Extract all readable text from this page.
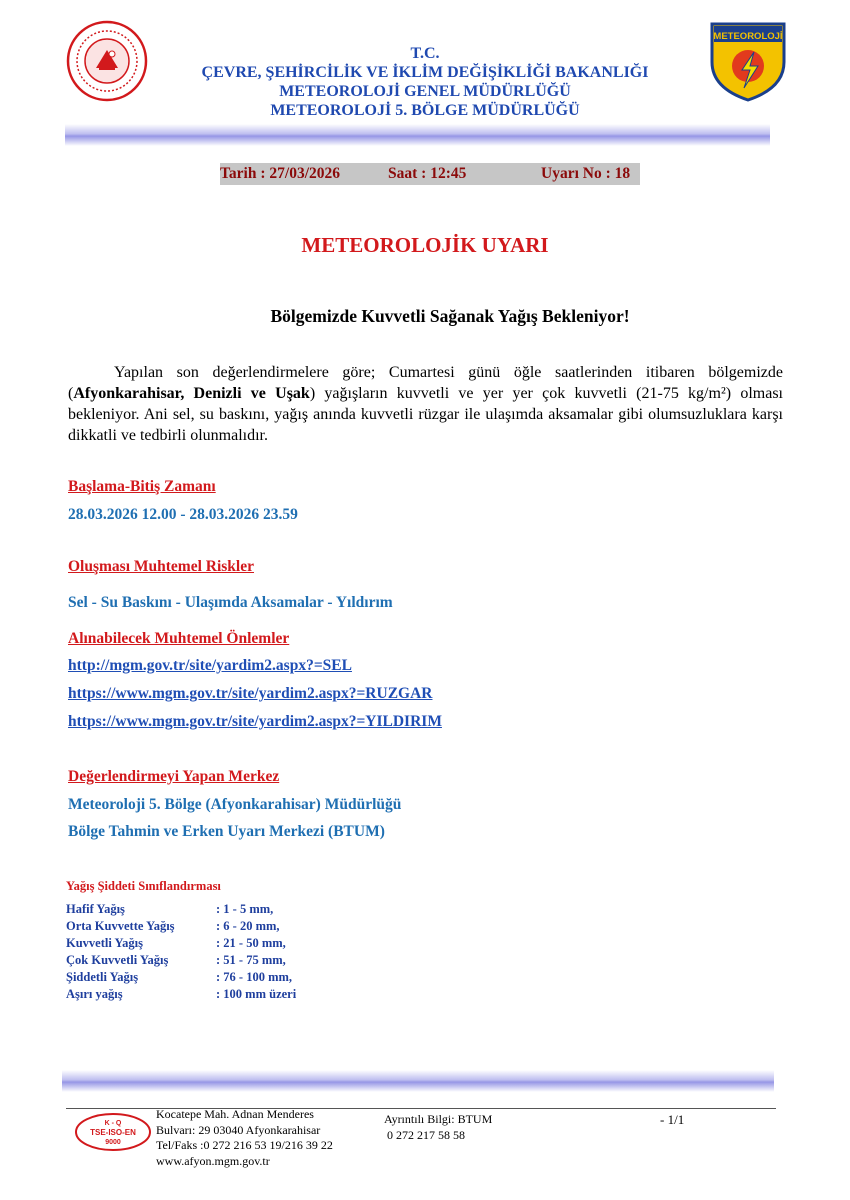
METEOROLOJİ
T.C.
ÇEVRE, ŞEHİRCİLİK VE İKLİM DEĞİŞİKLİĞİ BAKANLIĞI
METEOROLOJİ GENEL MÜDÜRLÜĞÜ
METEOROLOJİ 5. BÖLGE MÜDÜRLÜĞÜ
Tarih : 27/03/2026	Saat : 12:45	Uyarı No : 18
METEOROLOJİK UYARI
Bölgemizde Kuvvetli Sağanak Yağış Bekleniyor!
Yapılan son değerlendirmelere göre; Cumartesi günü öğle saatlerinden itibaren bölgemizde (Afyonkarahisar, Denizli ve Uşak) yağışların kuvvetli ve yer yer çok kuvvetli (21-75 kg/m²) olması bekleniyor. Ani sel, su baskını, yağış anında kuvvetli rüzgar ile ulaşımda aksamalar gibi olumsuzluklara karşı dikkatli ve tedbirli olunmalıdır.
Başlama-Bitiş Zamanı
28.03.2026 12.00 - 28.03.2026 23.59
Oluşması Muhtemel Riskler
Sel - Su Baskını - Ulaşımda Aksamalar - Yıldırım
Alınabilecek Muhtemel Önlemler
http://mgm.gov.tr/site/yardim2.aspx?=SEL
https://www.mgm.gov.tr/site/yardim2.aspx?=RUZGAR
https://www.mgm.gov.tr/site/yardim2.aspx?=YILDIRIM
Değerlendirmeyi Yapan Merkez
Meteoroloji 5. Bölge (Afyonkarahisar) Müdürlüğü
Bölge Tahmin ve Erken Uyarı Merkezi (BTUM)
Yağış Şiddeti Sınıflandırması
Hafif Yağış	: 1 - 5 mm,
Orta Kuvvette Yağış	: 6 - 20 mm,
Kuvvetli Yağış	: 21 - 50 mm,
Çok Kuvvetli Yağış	: 51 - 75 mm,
Şiddetli Yağış	: 76 - 100 mm,
Aşırı yağış	: 100 mm üzeri
K - Q
TSE-ISO-EN
9000
Kocatepe Mah. Adnan Menderes
Bulvarı: 29 03040 Afyonkarahisar
Tel/Faks :0 272 216 53 19/216 39 22
www.afyon.mgm.gov.tr
Ayrıntılı Bilgi: BTUM
0 272 217 58 58
- 1/1
